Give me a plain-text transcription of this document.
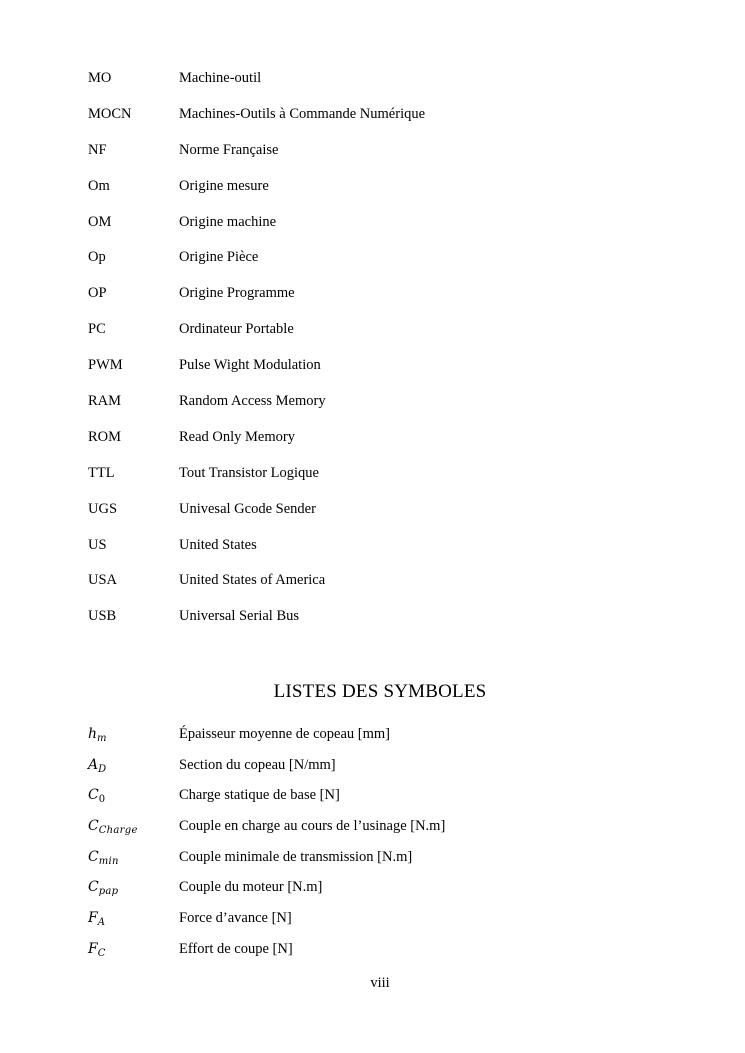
MO	Machine-outil
MOCN	Machines-Outils à Commande Numérique
NF	Norme Française
Om	Origine mesure
OM	Origine machine
Op	Origine Pièce
OP	Origine Programme
PC	Ordinateur Portable
PWM	Pulse Wight Modulation
RAM	Random Access Memory
ROM	Read Only Memory
TTL	Tout Transistor Logique
UGS	Univesal Gcode Sender
US	United States
USA	United States of America
USB	Universal Serial Bus
LISTES DES SYMBOLES
$h_m$	Épaisseur moyenne de copeau [mm]
$A_D$	Section du copeau [N/mm]
$C_0$	Charge statique de base [N]
$C_{Charge}$	Couple en charge au cours de l’usinage [N.m]
$C_{min}$	Couple minimale de transmission [N.m]
$C_{pap}$	Couple du moteur [N.m]
$F_A$	Force d’avance [N]
$F_C$	Effort de coupe [N]
viii
